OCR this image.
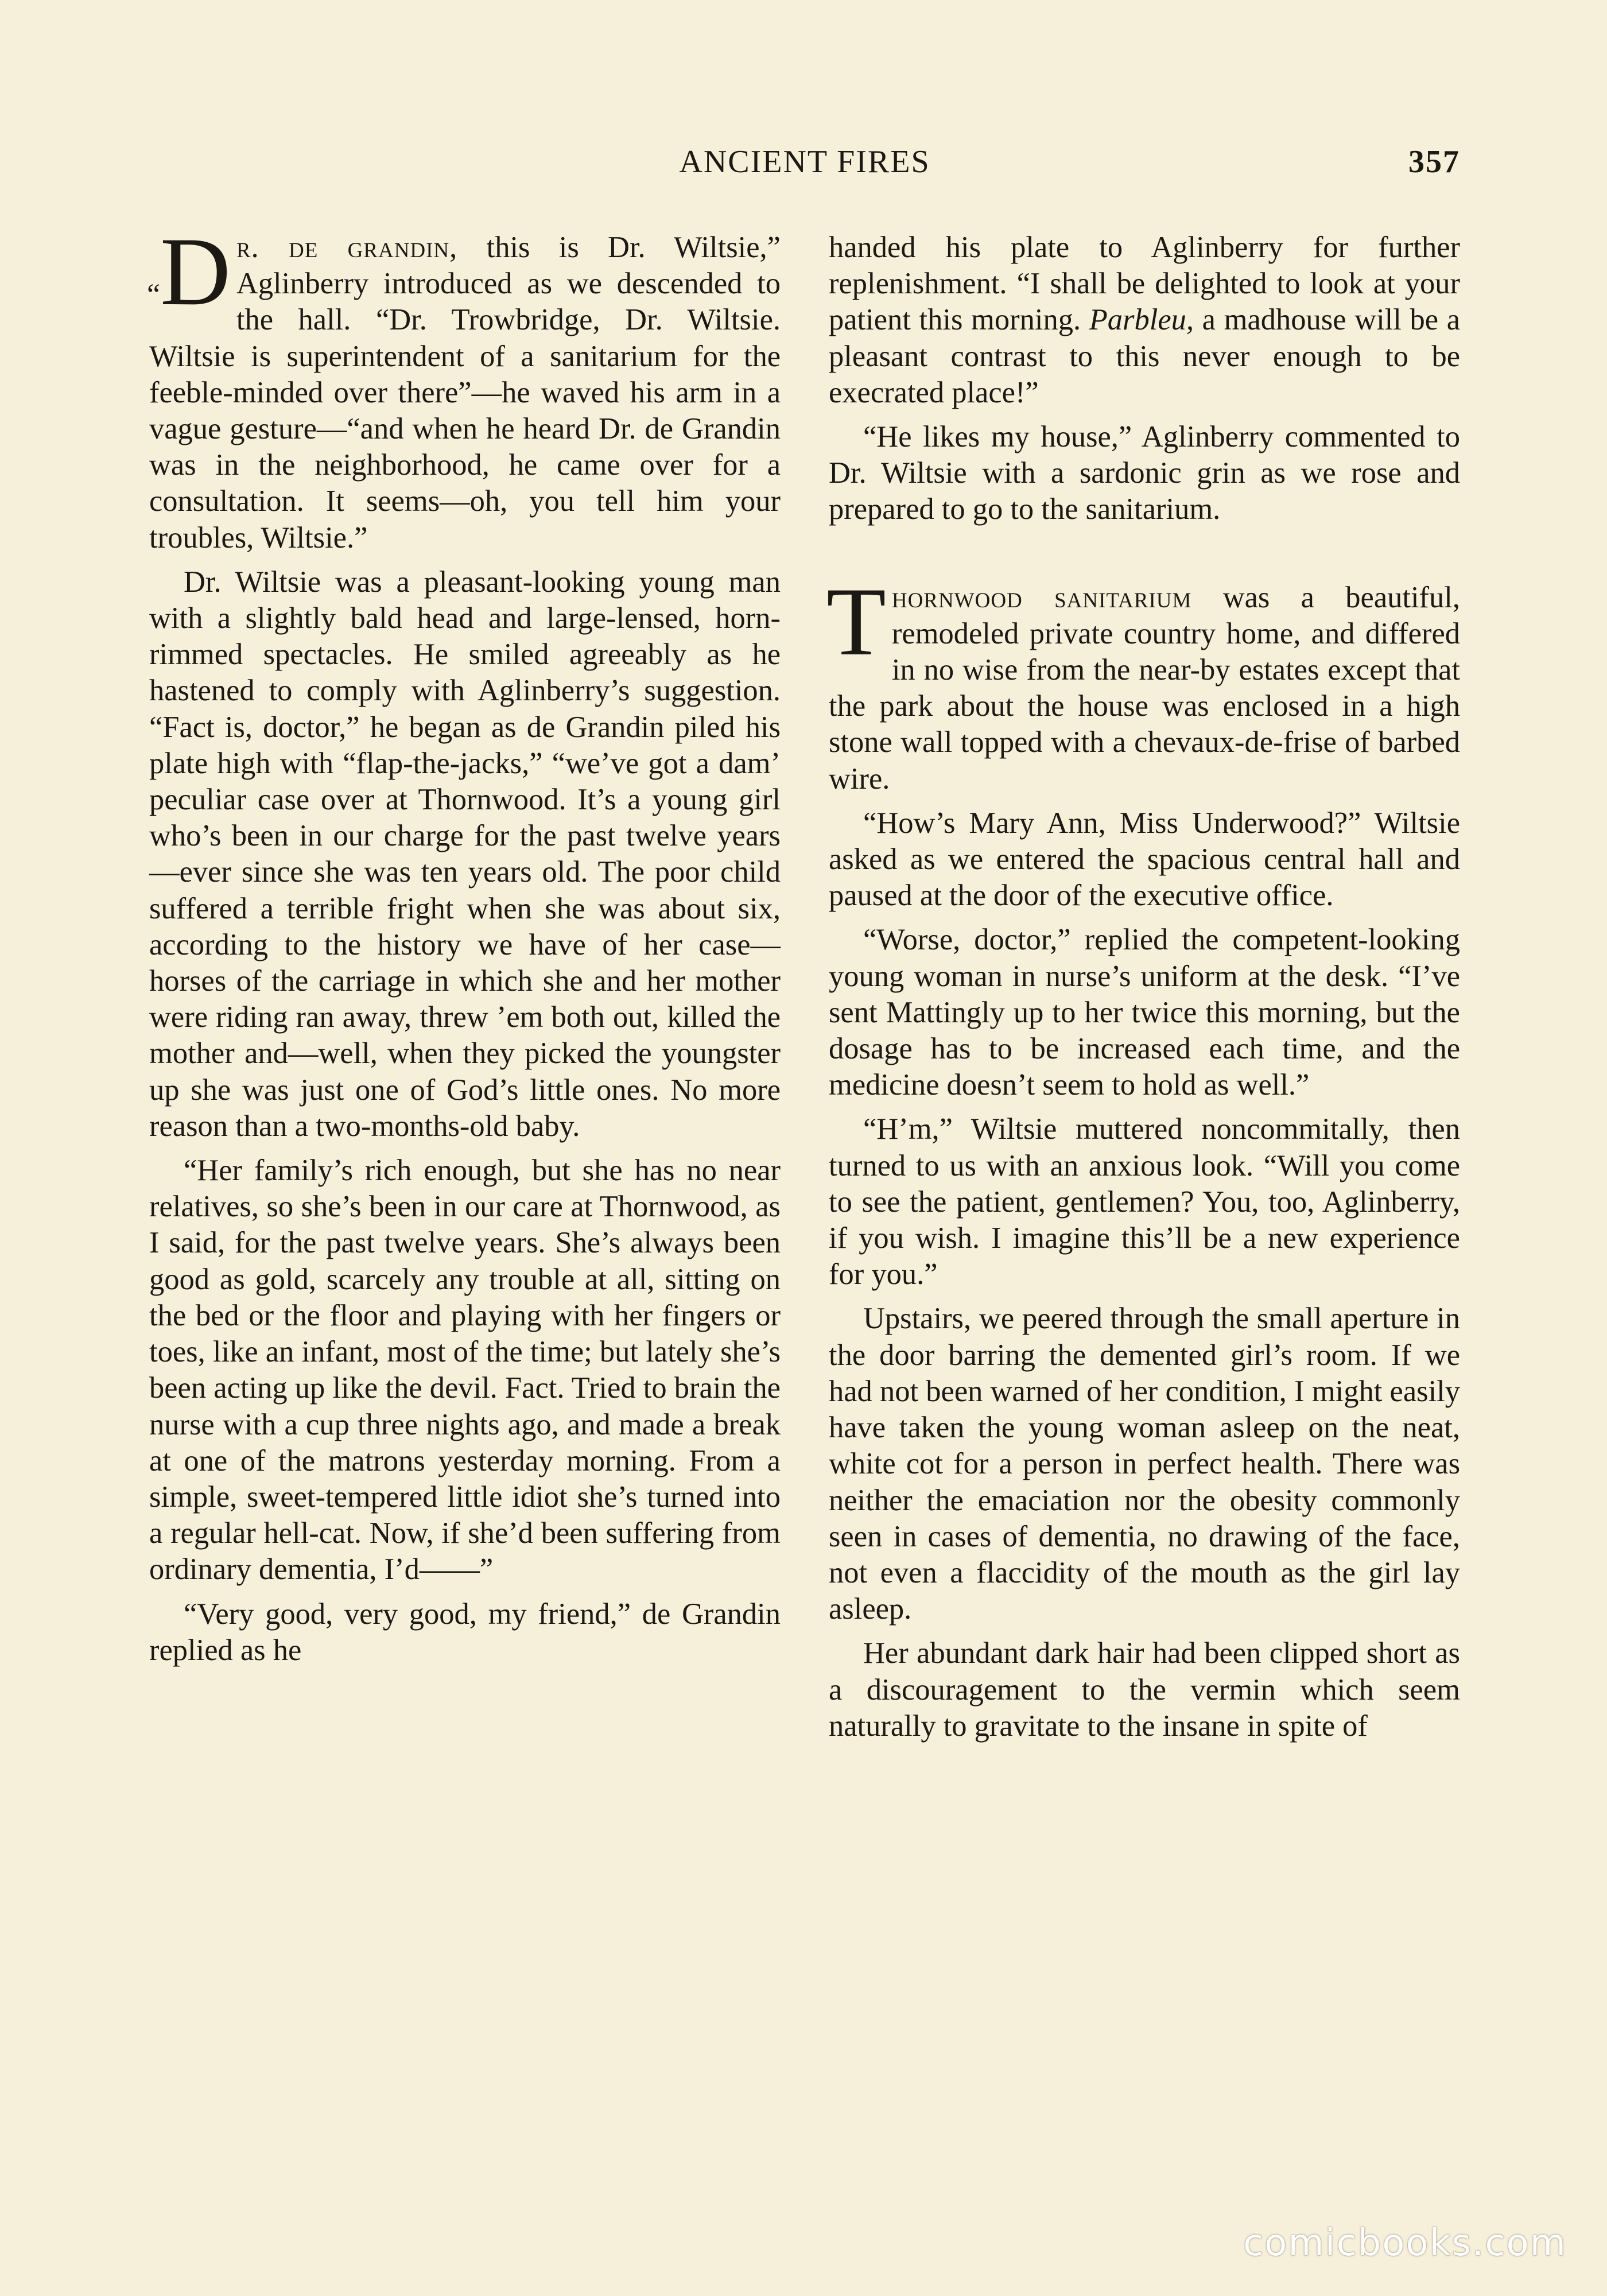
ANCIENT FIRES	357

“D r. de grandin, this is Dr. Wiltsie,” Aglinberry introduced as we descended to the hall. “Dr. Trowbridge, Dr. Wiltsie. Wiltsie is superintendent of a sanitarium for the feeble-minded over there”—he waved his arm in a vague gesture—“and when he heard Dr. de Grandin was in the neighborhood, he came over for a consultation. It seems—oh, you tell him your troubles, Wiltsie.”

Dr. Wiltsie was a pleasant-looking young man with a slightly bald head and large-lensed, horn-rimmed spectacles. He smiled agreeably as he hastened to comply with Aglinberry’s suggestion. “Fact is, doctor,” he began as de Grandin piled his plate high with “flap-the-jacks,” “we’ve got a dam’ peculiar case over at Thornwood. It’s a young girl who’s been in our charge for the past twelve years—ever since she was ten years old. The poor child suffered a terrible fright when she was about six, according to the history we have of her case—horses of the carriage in which she and her mother were riding ran away, threw ’em both out, killed the mother and—well, when they picked the youngster up she was just one of God’s little ones. No more reason than a two-months-old baby.

“Her family’s rich enough, but she has no near relatives, so she’s been in our care at Thornwood, as I said, for the past twelve years. She’s always been good as gold, scarcely any trouble at all, sitting on the bed or the floor and playing with her fingers or toes, like an infant, most of the time; but lately she’s been acting up like the devil. Fact. Tried to brain the nurse with a cup three nights ago, and made a break at one of the matrons yesterday morning. From a simple, sweet-tempered little idiot she’s turned into a regular hell-cat. Now, if she’d been suffering from ordinary dementia, I’d——”

“Very good, very good, my friend,” de Grandin replied as he

handed his plate to Aglinberry for further replenishment. “I shall be delighted to look at your patient this morning. Parbleu, a madhouse will be a pleasant contrast to this never enough to be execrated place!”

“He likes my house,” Aglinberry commented to Dr. Wiltsie with a sardonic grin as we rose and prepared to go to the sanitarium.

Thornwood sanitarium was a beautiful, remodeled private country home, and differed in no wise from the near-by estates except that the park about the house was enclosed in a high stone wall topped with a chevaux-de-frise of barbed wire.

“How’s Mary Ann, Miss Underwood?” Wiltsie asked as we entered the spacious central hall and paused at the door of the executive office.

“Worse, doctor,” replied the competent-looking young woman in nurse’s uniform at the desk. “I’ve sent Mattingly up to her twice this morning, but the dosage has to be increased each time, and the medicine doesn’t seem to hold as well.”

“H’m,” Wiltsie muttered noncommitally, then turned to us with an anxious look. “Will you come to see the patient, gentlemen? You, too, Aglinberry, if you wish. I imagine this’ll be a new experience for you.”

Upstairs, we peered through the small aperture in the door barring the demented girl’s room. If we had not been warned of her condition, I might easily have taken the young woman asleep on the neat, white cot for a person in perfect health. There was neither the emaciation nor the obesity commonly seen in cases of dementia, no drawing of the face, not even a flaccidity of the mouth as the girl lay asleep.

Her abundant dark hair had been clipped short as a discouragement to the vermin which seem naturally to gravitate to the insane in spite of

comicbooks.com
